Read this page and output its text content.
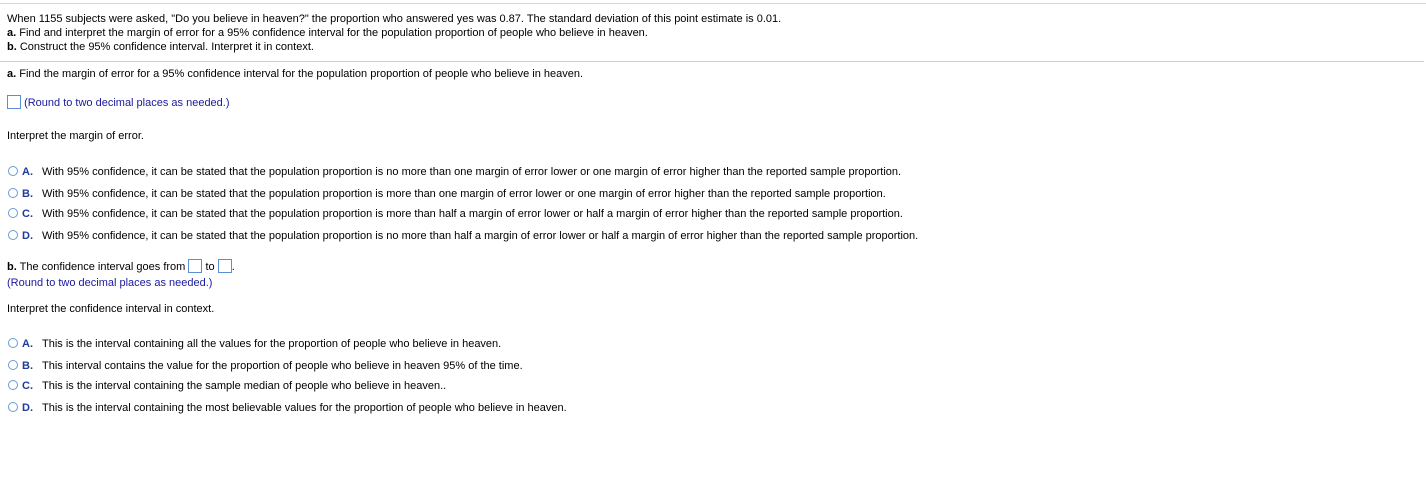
When 1155 subjects were asked, "Do you believe in heaven?" the proportion who answered yes was 0.87. The standard deviation of this point estimate is 0.01.
a. Find and interpret the margin of error for a 95% confidence interval for the population proportion of people who believe in heaven.
b. Construct the 95% confidence interval. Interpret it in context.
a. Find the margin of error for a 95% confidence interval for the population proportion of people who believe in heaven.
(Round to two decimal places as needed.)
Interpret the margin of error.
A. With 95% confidence, it can be stated that the population proportion is no more than one margin of error lower or one margin of error higher than the reported sample proportion.
B. With 95% confidence, it can be stated that the population proportion is more than one margin of error lower or one margin of error higher than the reported sample proportion.
C. With 95% confidence, it can be stated that the population proportion is more than half a margin of error lower or half a margin of error higher than the reported sample proportion.
D. With 95% confidence, it can be stated that the population proportion is no more than half a margin of error lower or half a margin of error higher than the reported sample proportion.
b. The confidence interval goes from  to .
(Round to two decimal places as needed.)
Interpret the confidence interval in context.
A. This is the interval containing all the values for the proportion of people who believe in heaven.
B. This interval contains the value for the proportion of people who believe in heaven 95% of the time.
C. This is the interval containing the sample median of people who believe in heaven..
D. This is the interval containing the most believable values for the proportion of people who believe in heaven.
